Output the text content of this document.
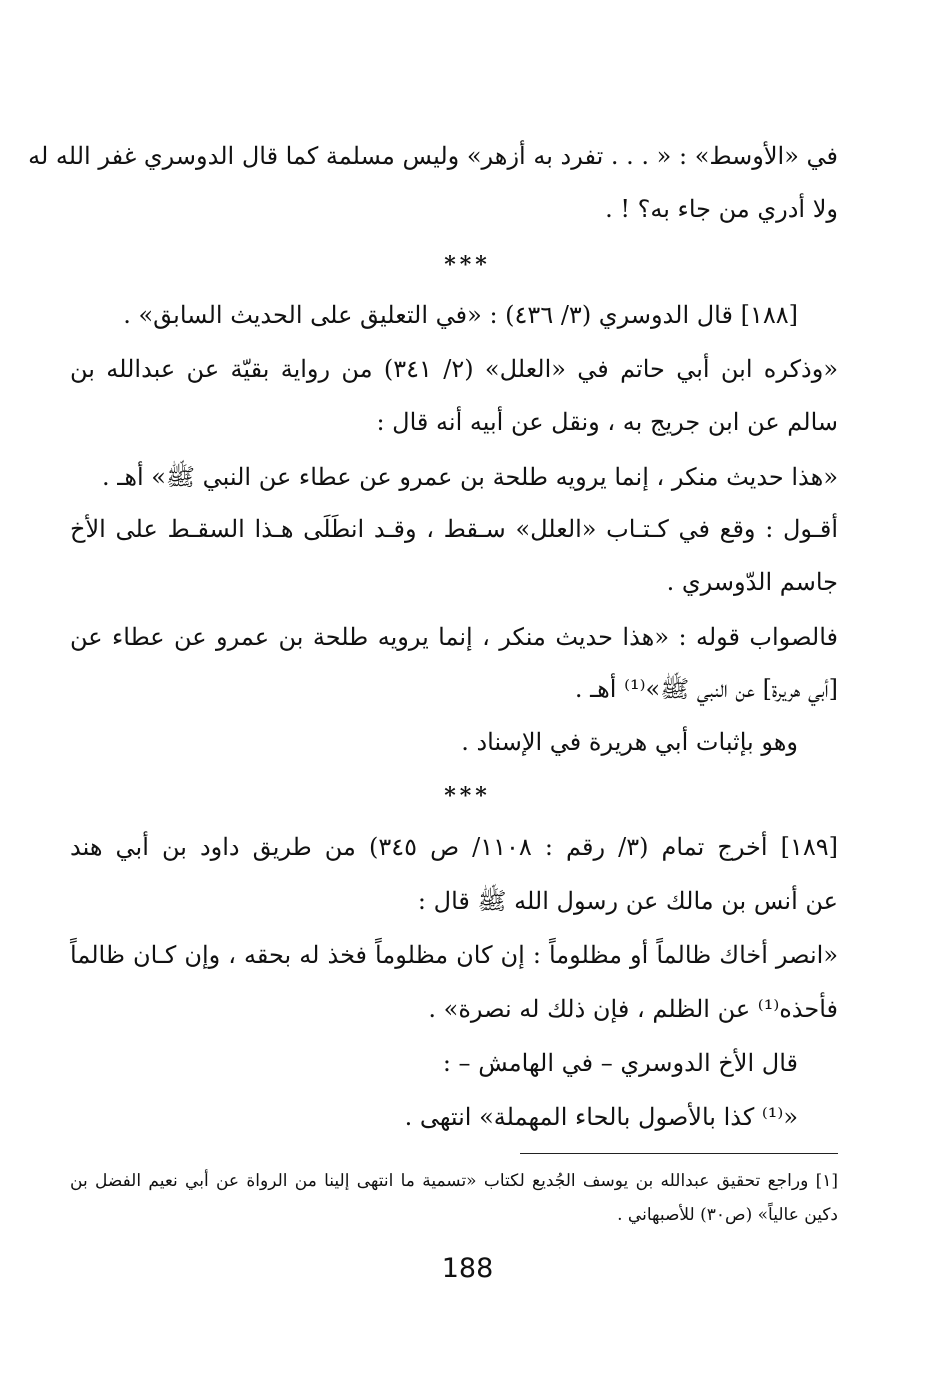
في «الأوسط» : « . . . تفرد به أزهر» وليس مسلمة كما قال الدوسري غفر الله له
ولا أدري من جاء به؟ ! .
***
[١٨٨] قال الدوسري (٣/ ٤٣٦) : «في التعليق على الحديث السابق» .
«وذكره ابن أبي حاتم في «العلل» (٢/ ٣٤١) من رواية بقيّة عن عبدالله بن
سالم عن ابن جريج به ، ونقل عن أبيه أنه قال :
«هذا حديث منكر ، إنما يرويه طلحة بن عمرو عن عطاء عن النبي ﷺ» أهـ .
أقـول : وقع في كـتـاب «العلل» سـقط ، وقـد انطَلَى هـذا السقـط على الأخ
جاسم الدّوسري .
فالصواب قوله : «هذا حديث منكر ، إنما يرويه طلحة بن عمرو عن عطاء عن
[أبي هريرة] عن النبي ﷺ»⁽¹⁾ أهـ .
وهو بإثبات أبي هريرة في الإسناد .
***
[١٨٩] أخرج تمام (٣/ رقم : ١١٠٨/ ص ٣٤٥) من طريق داود بن أبي هند
عن أنس بن مالك عن رسول الله ﷺ قال :
«انصر أخاك ظالماً أو مظلوماً : إن كان مظلوماً فخذ له بحقه ، وإن كـان ظالماً
فأحذه⁽¹⁾ عن الظلم ، فإن ذلك له نصرة» .
قال الأخ الدوسري – في الهامش – :
«⁽¹⁾ كذا بالأصول بالحاء المهملة» انتهى .
[١] وراجع تحقيق عبدالله بن يوسف الجُديع لكتاب «تسمية ما انتهى إلينا من الرواة عن أبي نعيم الفضل بن
دكين عالياً» (ص٣٠) للأصبهاني .
188
